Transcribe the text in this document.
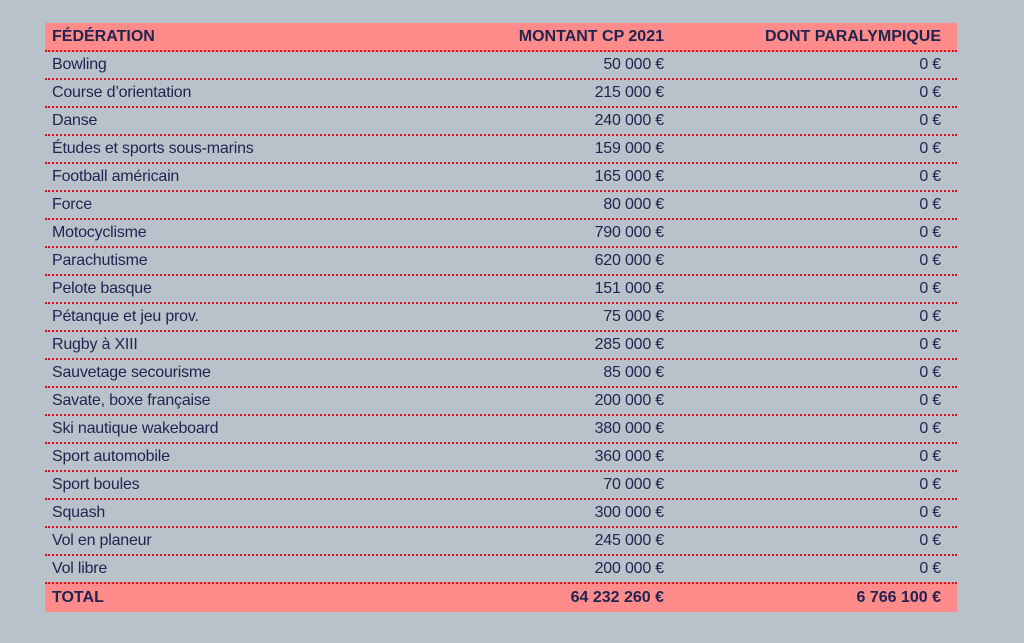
FÉDÉRATION	MONTANT CP 2021	DONT PARALYMPIQUE
Bowling	50 000 €	0 €
Course d’orientation	215 000 €	0 €
Danse	240 000 €	0 €
Études et sports sous-marins	159 000 €	0 €
Football américain	165 000 €	0 €
Force	80 000 €	0 €
Motocyclisme	790 000 €	0 €
Parachutisme	620 000 €	0 €
Pelote basque	151 000 €	0 €
Pétanque et jeu prov.	75 000 €	0 €
Rugby à XIII	285 000 €	0 €
Sauvetage secourisme	85 000 €	0 €
Savate, boxe française	200 000 €	0 €
Ski nautique wakeboard	380 000 €	0 €
Sport automobile	360 000 €	0 €
Sport boules	70 000 €	0 €
Squash	300 000 €	0 €
Vol en planeur	245 000 €	0 €
Vol libre	200 000 €	0 €
TOTAL	64 232 260 €	6 766 100 €
